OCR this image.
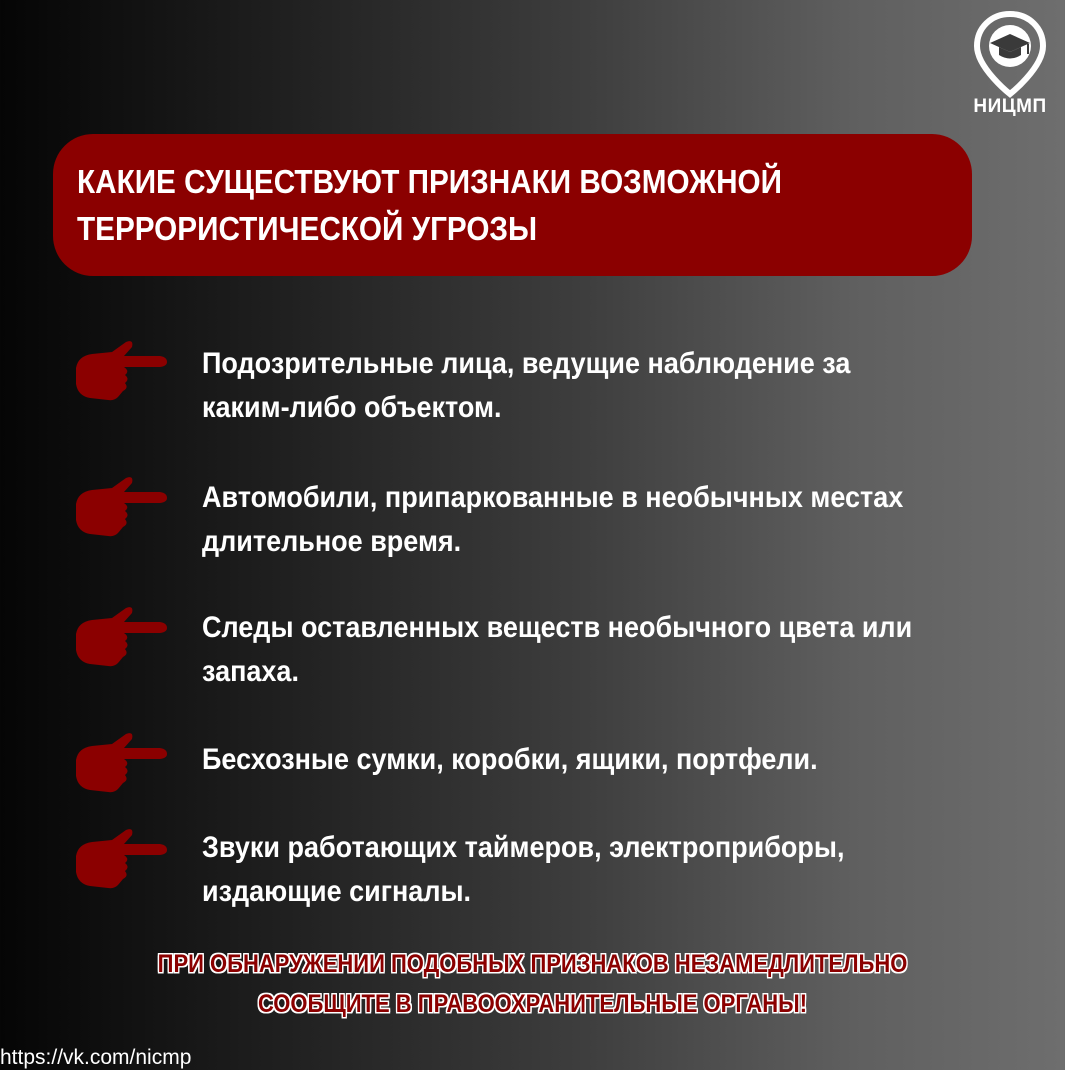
НИЦМП

КАКИЕ СУЩЕСТВУЮТ ПРИЗНАКИ ВОЗМОЖНОЙ
ТЕРРОРИСТИЧЕСКОЙ УГРОЗЫ

Подозрительные лица, ведущие наблюдение за
каким-либо объектом.

Автомобили, припаркованные в необычных местах
длительное время.

Следы оставленных веществ необычного цвета или
запаха.

Бесхозные сумки, коробки, ящики, портфели.

Звуки работающих таймеров, электроприборы,
издающие сигналы.

ПРИ ОБНАРУЖЕНИИ ПОДОБНЫХ ПРИЗНАКОВ НЕЗАМЕДЛИТЕЛЬНО
СООБЩИТЕ В ПРАВООХРАНИТЕЛЬНЫЕ ОРГАНЫ!

https://vk.com/nicmp
